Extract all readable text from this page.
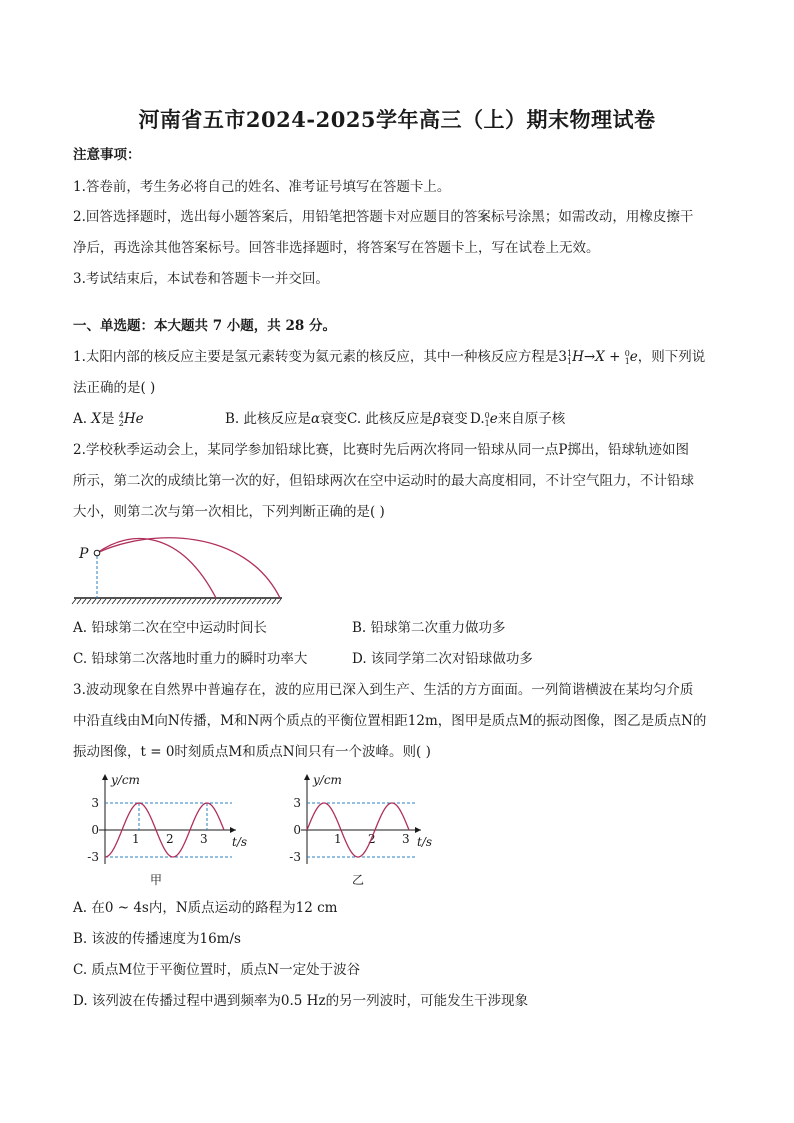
河南省五市2024-2025学年高三（上）期末物理试卷
注意事项：
1.答卷前，考生务必将自己的姓名、准考证号填写在答题卡上。
2.回答选择题时，选出每小题答案后，用铅笔把答题卡对应题目的答案标号涂黑；如需改动，用橡皮擦干
净后，再选涂其他答案标号。回答非选择题时，将答案写在答题卡上，写在试卷上无效。
3.考试结束后，本试卷和答题卡一并交回。
一、单选题：本大题共 7 小题，共 28 分。
1.太阳内部的核反应主要是氢元素转变为氦元素的核反应，其中一种核反应方程是3 1
1 H→X + 0
1 e，则下列说
法正确的是( )
A. X是 4
2 He	B. 此核反应是α衰变 C. 此核反应是β衰变 D. 0
1 e来自原子核
2.学校秋季运动会上，某同学参加铅球比赛，比赛时先后两次将同一铅球从同一点P掷出，铅球轨迹如图
所示，第二次的成绩比第一次的好，但铅球两次在空中运动时的最大高度相同，不计空气阻力，不计铅球
大小，则第二次与第一次相比，下列判断正确的是( )
P
A. 铅球第二次在空中运动时间长	B. 铅球第二次重力做功多
C. 铅球第二次落地时重力的瞬时功率大	D. 该同学第二次对铅球做功多
3.波动现象在自然界中普遍存在，波的应用已深入到生产、生活的方方面面。一列简谐横波在某均匀介质
中沿直线由M向N传播，M和N两个质点的平衡位置相距12m，图甲是质点M的振动图像，图乙是质点N的
振动图像，t = 0时刻质点M和质点N间只有一个波峰。则( )
y/cm
t/s
3
0
-3
1 2 3
甲
y/cm
t/s
3
0
-3
1 2 3
乙
A. 在0 ~ 4s内，N质点运动的路程为12 cm
B. 该波的传播速度为16m/s
C. 质点M位于平衡位置时，质点N一定处于波谷
D. 该列波在传播过程中遇到频率为0.5 Hz的另一列波时，可能发生干涉现象
